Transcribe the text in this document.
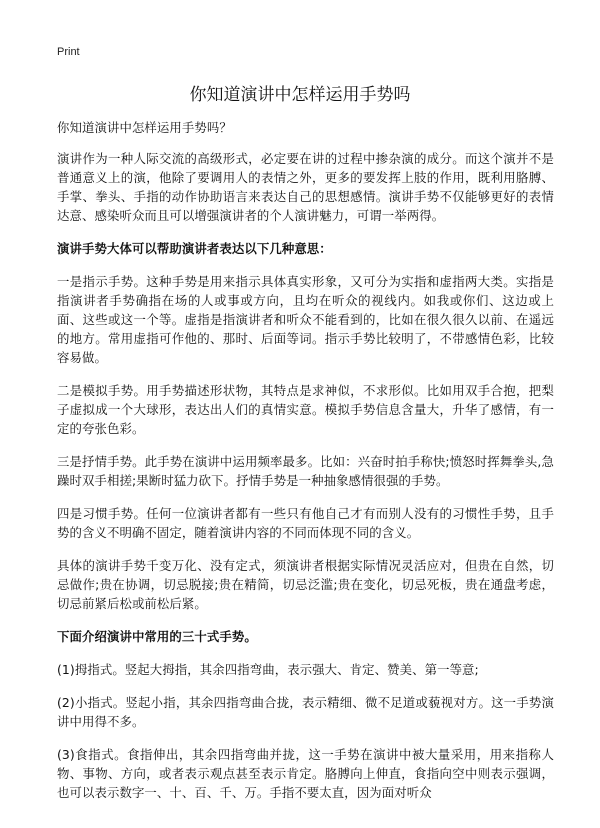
Print
你知道演讲中怎样运用手势吗

你知道演讲中怎样运用手势吗？

演讲作为一种人际交流的高级形式，必定要在讲的过程中掺杂演的成分。而这个演并不是普通意义上的演，他除了要调用人的表情之外，更多的要发挥上肢的作用，既利用胳膊、手掌、拳头、手指的动作协助语言来表达自己的思想感情。演讲手势不仅能够更好的表情达意、感染听众而且可以增强演讲者的个人演讲魅力，可谓一举两得。

演讲手势大体可以帮助演讲者表达以下几种意思：

一是指示手势。这种手势是用来指示具体真实形象，又可分为实指和虚指两大类。实指是指演讲者手势确指在场的人或事或方向，且均在听众的视线内。如我或你们、这边或上面、这些或这一个等。虚指是指演讲者和听众不能看到的，比如在很久很久以前、在遥远的地方。常用虚指可作他的、那时、后面等词。指示手势比较明了，不带感情色彩，比较容易做。

二是模拟手势。用手势描述形状物，其特点是求神似，不求形似。比如用双手合抱，把梨子虚拟成一个大球形，表达出人们的真情实意。模拟手势信息含量大，升华了感情，有一定的夸张色彩。

三是抒情手势。此手势在演讲中运用频率最多。比如：兴奋时拍手称快;愤怒时挥舞拳头,急躁时双手相搓;果断时猛力砍下。抒情手势是一种抽象感情很强的手势。

四是习惯手势。任何一位演讲者都有一些只有他自己才有而别人没有的习惯性手势，且手势的含义不明确不固定，随着演讲内容的不同而体现不同的含义。

具体的演讲手势千变万化、没有定式，须演讲者根据实际情况灵活应对，但贵在自然，切忌做作;贵在协调，切忌脱接;贵在精简，切忌泛滥;贵在变化，切忌死板，贵在通盘考虑，切忌前紧后松或前松后紧。

下面介绍演讲中常用的三十式手势。

(1)拇指式。竖起大拇指，其余四指弯曲，表示强大、肯定、赞美、第一等意;

(2)小指式。竖起小指，其余四指弯曲合拢，表示精细、微不足道或藐视对方。这一手势演讲中用得不多。

(3)食指式。食指伸出，其余四指弯曲并拢，这一手势在演讲中被大量采用，用来指称人物、事物、方向，或者表示观点甚至表示肯定。胳膊向上伸直，食指向空中则表示强调，也可以表示数字一、十、百、千、万。手指不要太直，因为面对听众
